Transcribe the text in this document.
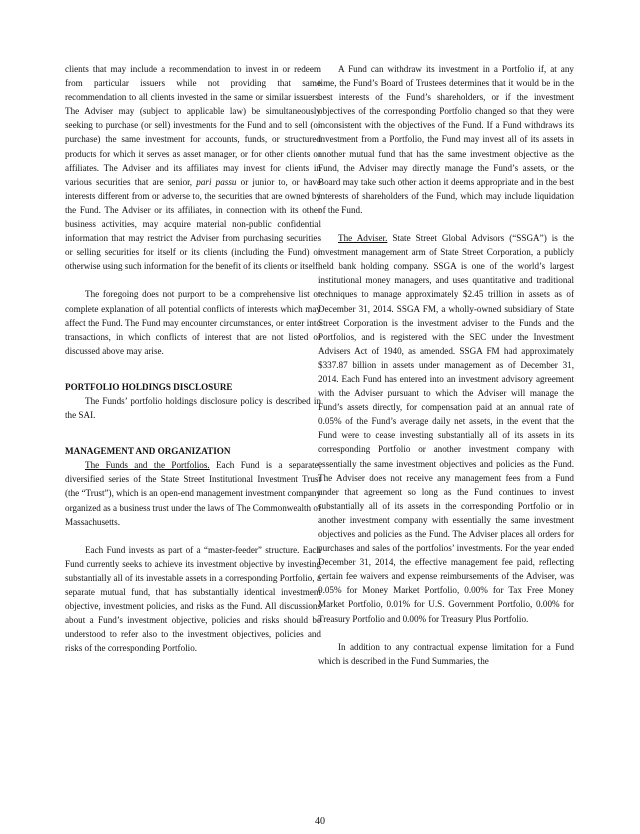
clients that may include a recommendation to invest in or redeem from particular issuers while not providing that same recommendation to all clients invested in the same or similar issuers. The Adviser may (subject to applicable law) be simultaneously seeking to purchase (or sell) investments for the Fund and to sell (or purchase) the same investment for accounts, funds, or structured products for which it serves as asset manager, or for other clients or affiliates. The Adviser and its affiliates may invest for clients in various securities that are senior, pari passu or junior to, or have interests different from or adverse to, the securities that are owned by the Fund. The Adviser or its affiliates, in connection with its other business activities, may acquire material non-public confidential information that may restrict the Adviser from purchasing securities or selling securities for itself or its clients (including the Fund) or otherwise using such information for the benefit of its clients or itself.

The foregoing does not purport to be a comprehensive list or complete explanation of all potential conflicts of interests which may affect the Fund. The Fund may encounter circumstances, or enter into transactions, in which conflicts of interest that are not listed or discussed above may arise.

PORTFOLIO HOLDINGS DISCLOSURE

The Funds’ portfolio holdings disclosure policy is described in the SAI.

MANAGEMENT AND ORGANIZATION

The Funds and the Portfolios. Each Fund is a separate, diversified series of the State Street Institutional Investment Trust (the “Trust”), which is an open-end management investment company organized as a business trust under the laws of The Commonwealth of Massachusetts.

Each Fund invests as part of a “master-feeder” structure. Each Fund currently seeks to achieve its investment objective by investing substantially all of its investable assets in a corresponding Portfolio, a separate mutual fund, that has substantially identical investment objective, investment policies, and risks as the Fund. All discussions about a Fund’s investment objective, policies and risks should be understood to refer also to the investment objectives, policies and risks of the corresponding Portfolio.

A Fund can withdraw its investment in a Portfolio if, at any time, the Fund’s Board of Trustees determines that it would be in the best interests of the Fund’s shareholders, or if the investment objectives of the corresponding Portfolio changed so that they were inconsistent with the objectives of the Fund. If a Fund withdraws its investment from a Portfolio, the Fund may invest all of its assets in another mutual fund that has the same investment objective as the Fund, the Adviser may directly manage the Fund’s assets, or the Board may take such other action it deems appropriate and in the best interests of shareholders of the Fund, which may include liquidation of the Fund.

The Adviser. State Street Global Advisors (“SSGA”) is the investment management arm of State Street Corporation, a publicly held bank holding company. SSGA is one of the world’s largest institutional money managers, and uses quantitative and traditional techniques to manage approximately $2.45 trillion in assets as of December 31, 2014. SSGA FM, a wholly-owned subsidiary of State Street Corporation is the investment adviser to the Funds and the Portfolios, and is registered with the SEC under the Investment Advisers Act of 1940, as amended. SSGA FM had approximately $337.87 billion in assets under management as of December 31, 2014. Each Fund has entered into an investment advisory agreement with the Adviser pursuant to which the Adviser will manage the Fund’s assets directly, for compensation paid at an annual rate of 0.05% of the Fund’s average daily net assets, in the event that the Fund were to cease investing substantially all of its assets in its corresponding Portfolio or another investment company with essentially the same investment objectives and policies as the Fund. The Adviser does not receive any management fees from a Fund under that agreement so long as the Fund continues to invest substantially all of its assets in the corresponding Portfolio or in another investment company with essentially the same investment objectives and policies as the Fund. The Adviser places all orders for purchases and sales of the portfolios’ investments. For the year ended December 31, 2014, the effective management fee paid, reflecting certain fee waivers and expense reimbursements of the Adviser, was 0.05% for Money Market Portfolio, 0.00% for Tax Free Money Market Portfolio, 0.01% for U.S. Government Portfolio, 0.00% for Treasury Portfolio and 0.00% for Treasury Plus Portfolio.

In addition to any contractual expense limitation for a Fund which is described in the Fund Summaries, the

40
